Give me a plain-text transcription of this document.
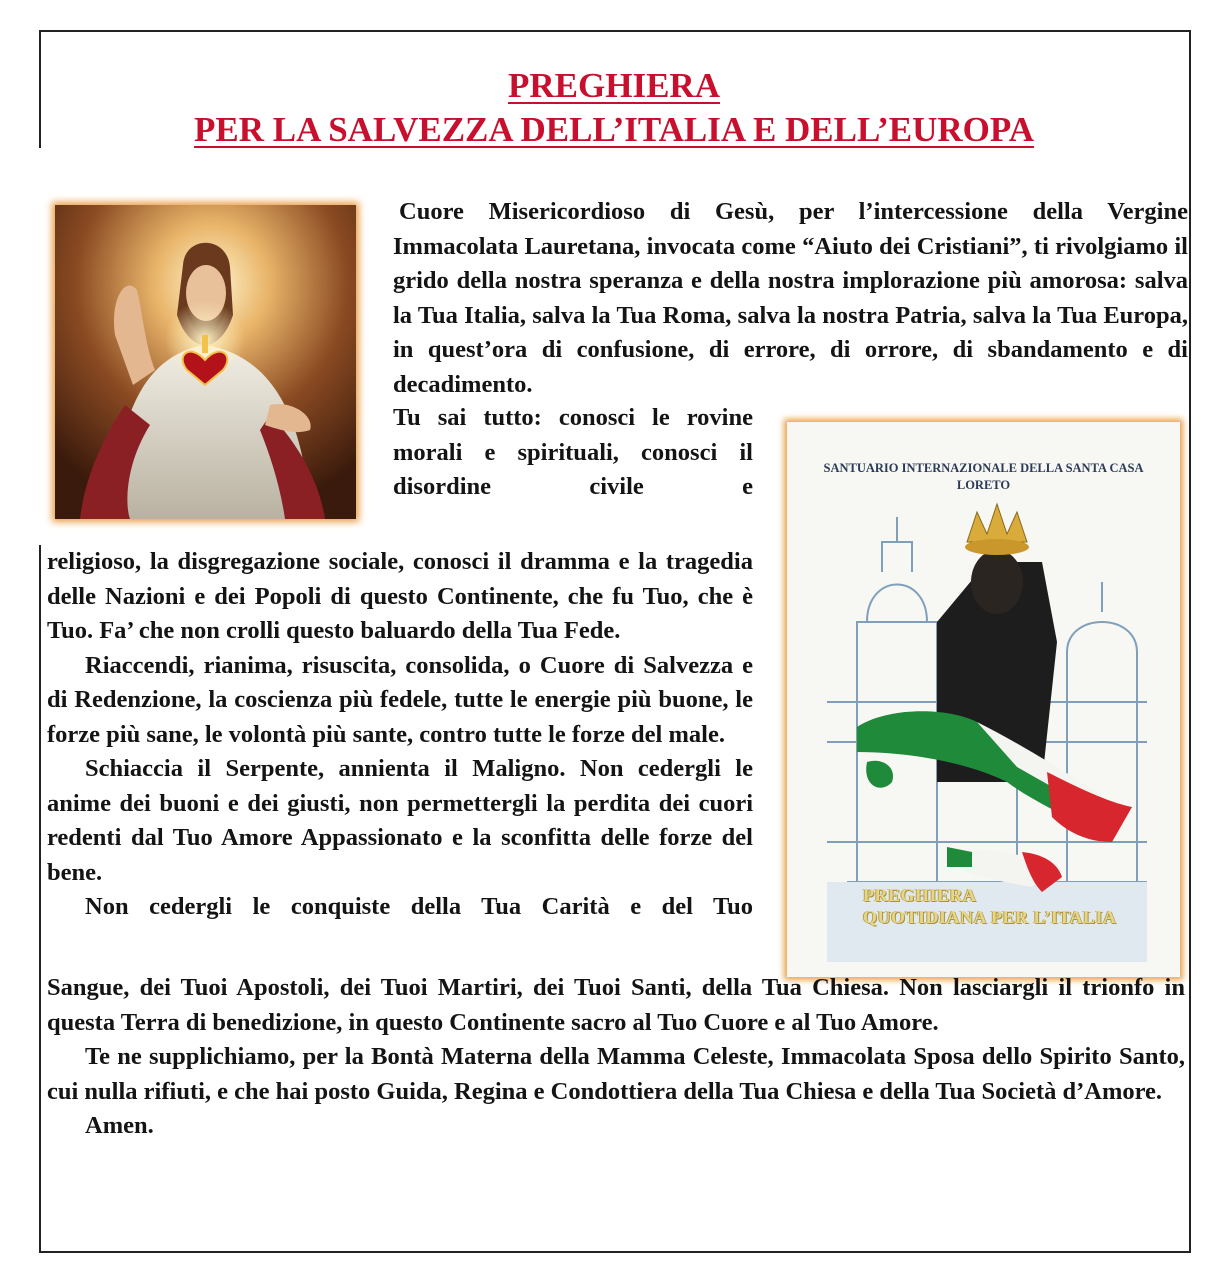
PREGHIERA
PER LA SALVEZZA DELL’ITALIA E DELL’EUROPA
SANTUARIO INTERNAZIONALE DELLA SANTA CASA
LORETO
PREGHIERA
QUOTIDIANA PER L’ITALIA

Cuore Misericordioso di Gesù, per l’intercessione della Vergine Immacolata Lauretana, invocata come “Aiuto dei Cristiani”, ti rivolgiamo il grido della nostra speranza e della nostra implorazione più amorosa: salva la Tua Italia, salva la Tua Roma, salva la nostra Patria, salva la Tua Europa, in quest’ora di confusione, di errore, di orrore, di sbandamento e di decadimento.

Tu sai tutto: conosci le rovine morali e spirituali, conosci il disordine civile e

religioso, la disgregazione sociale, conosci il dramma e la tragedia delle Nazioni e dei Popoli di questo Continente, che fu Tuo, che è Tuo. Fa’ che non crolli questo baluardo della Tua Fede.

Riaccendi, rianima, risuscita, consolida, o Cuore di Salvezza e di Redenzione, la coscienza più fedele, tutte le energie più buone, le forze più sane, le volontà più sante, contro tutte le forze del male.

Schiaccia il Serpente, annienta il Maligno. Non cedergli le anime dei buoni e dei giusti, non permettergli la perdita dei cuori redenti dal Tuo Amore Appassionato e la sconfitta delle forze del bene.

Non cedergli le conquiste della Tua Carità e del Tuo

Sangue, dei Tuoi Apostoli, dei Tuoi Martiri, dei Tuoi Santi, della Tua Chiesa. Non lasciargli il trionfo in questa Terra di benedizione, in questo Continente sacro al Tuo Cuore e al Tuo Amore.

Te ne supplichiamo, per la Bontà Materna della Mamma Celeste, Immacolata Sposa dello Spirito Santo, cui nulla rifiuti, e che hai posto Guida, Regina e Condottiera della Tua Chiesa e della Tua Società d’Amore.

Amen.
